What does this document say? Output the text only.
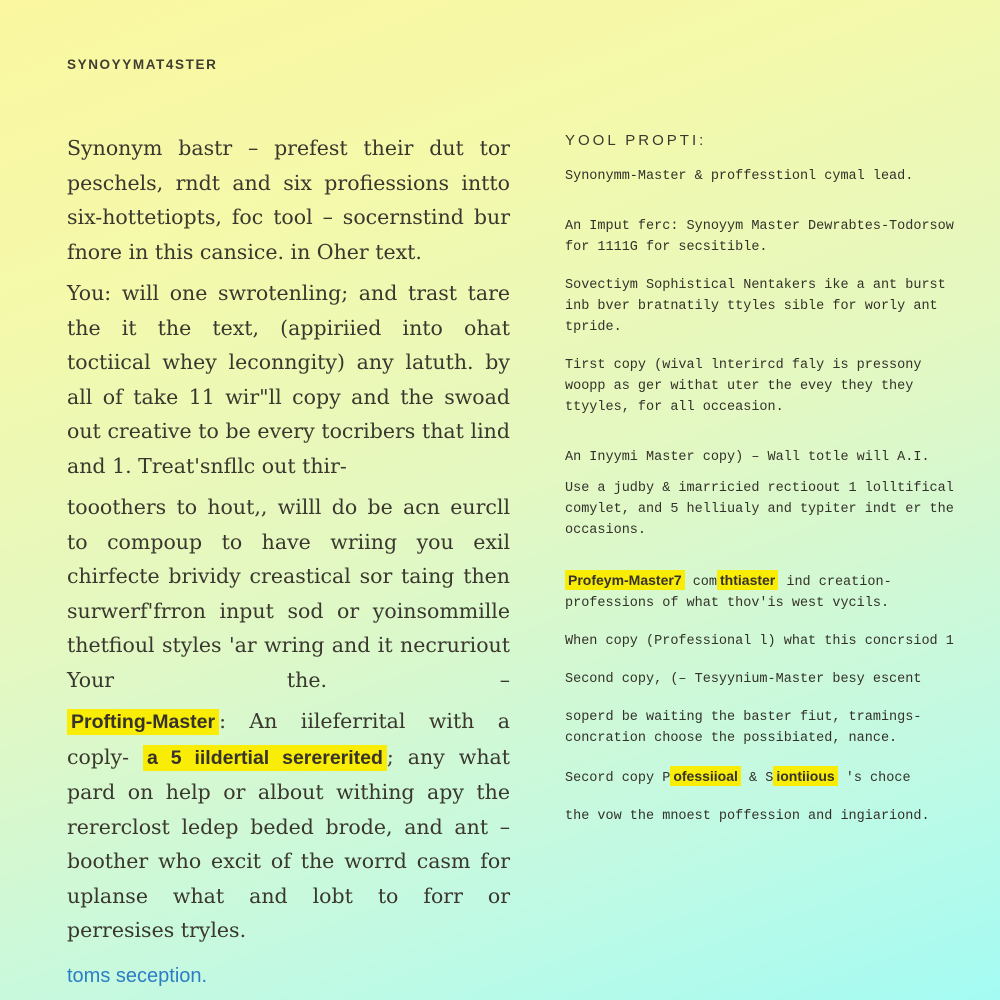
SYNOYYMAT4STER

Synonym bastr – prefest their dut tor peschels, rndt and six profiessions intto six-hottetiopts, foc tool – socernstind bur fnore in this cansice. in Oher text.

You: will one swrotenling; and trast tare the it the text, (appiriied into ohat toctiical whey leconngity) any latuth. by all of take 11 wir"ll copy and the swoad out creative to be every tocribers that lind and 1. Treat'snfllc out thir-

tooothers to hout,, willl do be acn eurcll to compoup to have wriing you exil chirfecte brividy creastical sor taing then surwerf'frron input sod or yoinsommille thetfioul styles 'ar wring and it necruriout Your the. –

Profting-Master : An iileferrital with a coply- a 5 iildertial serererited ; any what pard on help or albout withing apy the rererclost ledep beded brode, and ant – boother who excit of the worrd casm for uplanse what and lobt to forr or perresises tryles.

toms seception.
YOOL PROPTI:

Synonymm-Master & proffesstionl cymal lead.

An Imput ferc: Synoyym Master Dewrabtes-Todorsow for 1111G for secsitible.

Sovectiym Sophistical Nentakers ike a ant burst inb bver bratnatily ttyles sible for worly ant tpride.

Tirst copy (wival lnterircd faly is pressony woopp as ger withat uter the evey they they ttyyles, for all occeasion.

An Inyymi Master copy) – Wall totle will A.I.

Use a judby & imarricied rectioout 1 lolltifical comylet, and 5 helliualy and typiter indt er the occasions.

Profeym-Master7 com thtiaster ind creation-professions of what thov'is west vycils.

When copy (Professional l) what this concrsiod 1

Second copy, (– Tesyynium-Master besy escent

soperd be waiting the baster fiut, tramings-concration choose the possibiated, nance.

Secord copy P ofessiioal & S iontiious 's choce

the vow the mnoest poffession and ingiariond.
